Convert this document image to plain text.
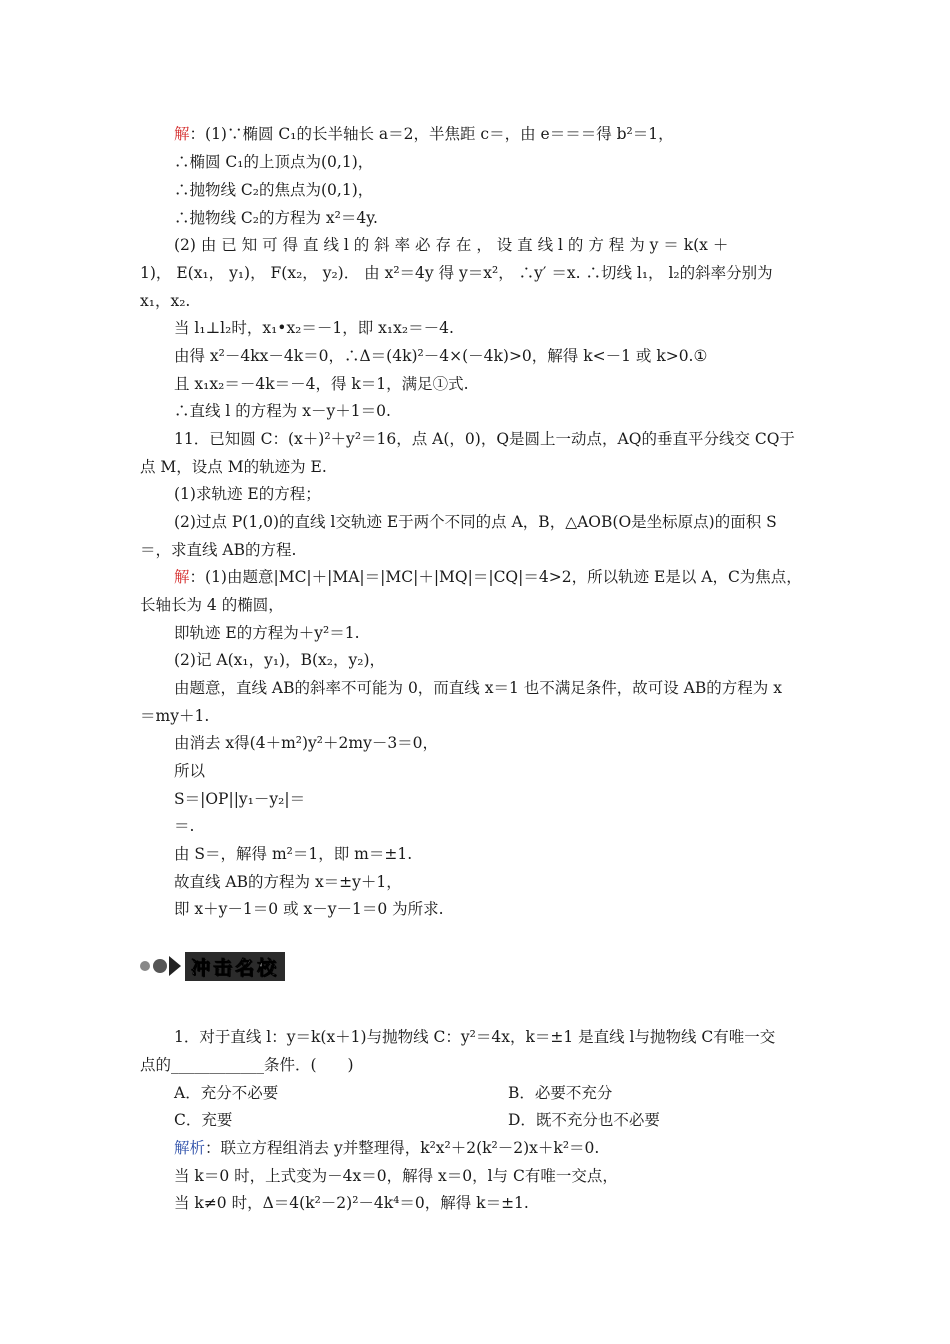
解：(1)∵椭圆 C₁的长半轴长 a＝2，半焦距 c＝，由 e＝＝＝得 b²＝1，
∴椭圆 C₁的上顶点为(0,1)，
∴抛物线 C₂的焦点为(0,1)，
∴抛物线 C₂的方程为 x²＝4y.
(2) 由 已 知 可 得 直 线 l 的 斜 率 必 存 在 ， 设 直 线 l 的 方 程 为 y ＝ k(x ＋
1)， E(x₁， y₁)， F(x₂， y₂)． 由 x²＝4y 得 y＝x²， ∴y′ ＝x. ∴切线 l₁， l₂的斜率分别为
x₁，x₂.
当 l₁⊥l₂时，x₁•x₂＝－1，即 x₁x₂＝－4.
由得 x²－4kx－4k＝0，∴Δ＝(4k)²－4×(－4k)>0，解得 k<－1 或 k>0.①
且 x₁x₂＝－4k＝－4，得 k＝1，满足①式.
∴直线 l 的方程为 x－y＋1＝0.
11．已知圆 C：(x＋)²＋y²＝16，点 A(，0)，Q是圆上一动点，AQ的垂直平分线交 CQ于
点 M，设点 M的轨迹为 E.
(1)求轨迹 E的方程；
(2)过点 P(1,0)的直线 l交轨迹 E于两个不同的点 A，B，△AOB(O是坐标原点)的面积 S
＝，求直线 AB的方程.
解：(1)由题意|MC|＋|MA|＝|MC|＋|MQ|＝|CQ|＝4>2，所以轨迹 E是以 A，C为焦点，
长轴长为 4 的椭圆，
即轨迹 E的方程为＋y²＝1.
(2)记 A(x₁，y₁)，B(x₂，y₂)，
由题意，直线 AB的斜率不可能为 0，而直线 x＝1 也不满足条件，故可设 AB的方程为 x
＝my＋1.
由消去 x得(4＋m²)y²＋2my－3＝0，
所以
S＝|OP||y₁－y₂|＝
＝.
由 S＝，解得 m²＝1，即 m＝±1.
故直线 AB的方程为 x＝±y＋1，
即 x＋y－1＝0 或 x－y－1＝0 为所求.
冲击名校
1．对于直线 l：y＝k(x＋1)与抛物线 C：y²＝4x，k＝±1 是直线 l与抛物线 C有唯一交
点的____________条件．(　　)
A．充分不必要	B．必要不充分
C．充要	D．既不充分也不必要
解析：联立方程组消去 y并整理得，k²x²＋2(k²－2)x＋k²＝0.
当 k＝0 时，上式变为－4x＝0，解得 x＝0，l与 C有唯一交点，
当 k≠0 时，Δ＝4(k²－2)²－4k⁴＝0，解得 k＝±1.
